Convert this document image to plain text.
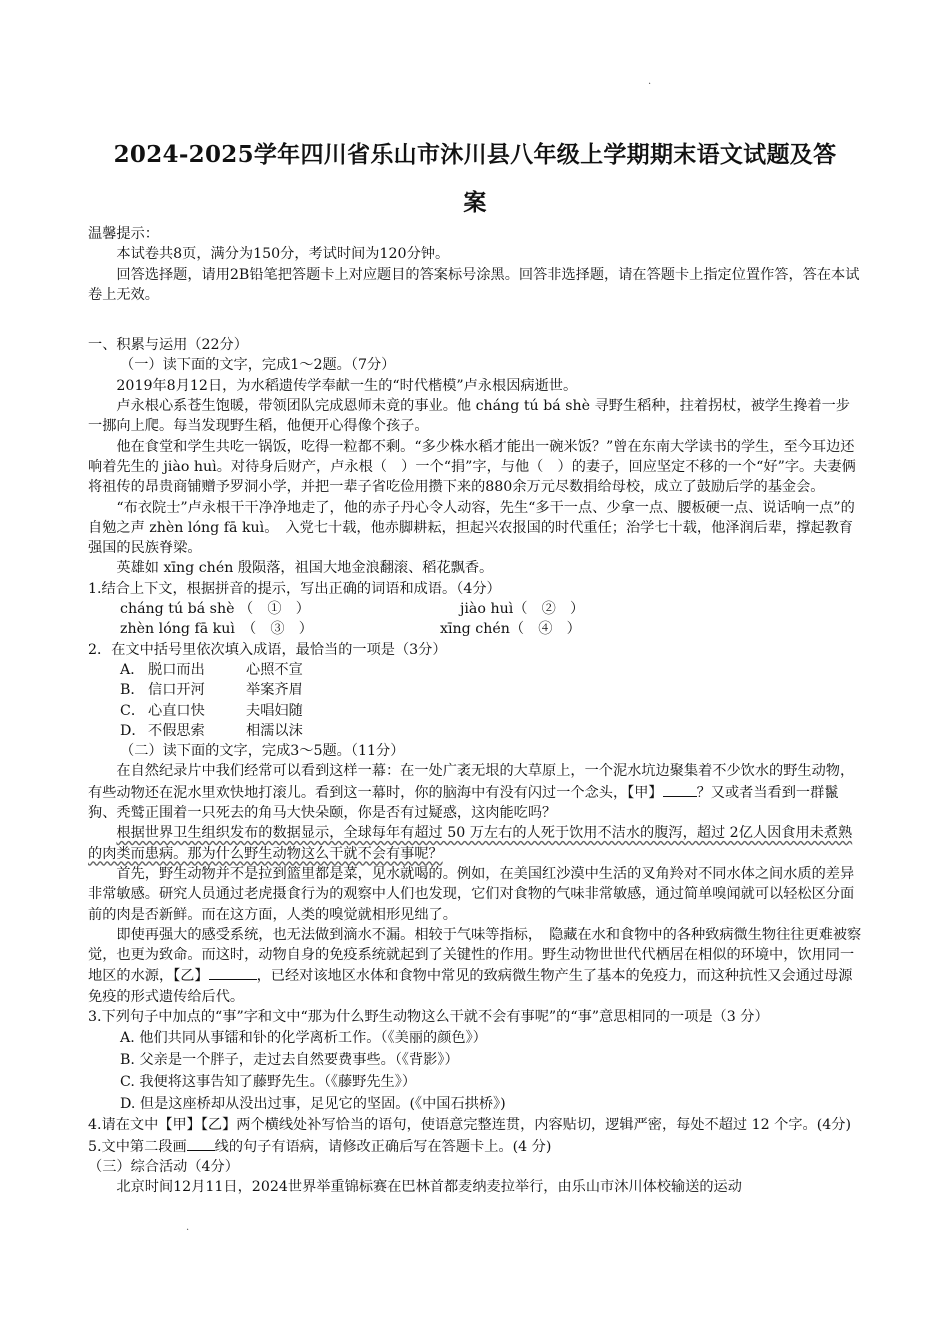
.
2024-2025学年四川省乐山市沐川县八年级上学期期末语文试题及答
案

温馨提示：

本试卷共8页，满分为150分，考试时间为120分钟。

回答选择题，请用2B铅笔把答题卡上对应题目的答案标号涂黑。回答非选择题，请在答题卡上指定位置作答，答在本试卷上无效。

一、积累与运用（22分）

（一）读下面的文字，完成1～2题。（7分）

2019年8月12日，为水稻遗传学奉献一生的“时代楷模”卢永根因病逝世。

卢永根心系苍生饱暖，带领团队完成恩师未竟的事业。他 cháng tú bá shè 寻野生稻种，拄着拐杖，被学生搀着一步一挪向上爬。每当发现野生稻，他便开心得像个孩子。

他在食堂和学生共吃一锅饭，吃得一粒都不剩。“多少株水稻才能出一碗米饭？”曾在东南大学读书的学生，至今耳边还响着先生的 jiào huì。对待身后财产，卢永根（　）一个“捐”字，与他（　）的妻子，回应坚定不移的一个“好”字。夫妻俩将祖传的昂贵商铺赠予罗洞小学，并把一辈子省吃俭用攒下来的880余万元尽数捐给母校，成立了鼓励后学的基金会。

“布衣院士”卢永根干干净净地走了，他的赤子丹心令人动容，先生“多干一点、少拿一点、腰板硬一点、说话响一点”的自勉之声 zhèn lóng fā kuì。　入党七十载，他赤脚耕耘，担起兴农报国的时代重任；治学七十载，他泽润后辈，撑起教育强国的民族脊梁。

英雄如 xīng chén 殷陨落，祖国大地金浪翻滚、稻花飘香。

1.结合上下文，根据拼音的提示，写出正确的词语和成语。（4分）

cháng tú bá shè （　①　）	jiào huì（　②　）
zhèn lóng fā kuì　（　③　）	xīng chén（　④　）

2．在文中括号里依次填入成语，最恰当的一项是（3分）

A． 脱口而出	心照不宣
B． 信口开河	举案齐眉
C． 心直口快	夫唱妇随
D． 不假思索	相濡以沫

（二）读下面的文字，完成3～5题。（11分）

在自然纪录片中我们经常可以看到这样一幕：在一处广袤无垠的大草原上，一个泥水坑边聚集着不少饮水的野生动物，有些动物还在泥水里欢快地打滚儿。看到这一幕时，你的脑海中有没有闪过一个念头，【甲】 ？又或者当看到一群鬣狗、秃鹫正围着一只死去的角马大快朵颐，你是否有过疑惑，这肉能吃吗？

根据世界卫生组织发布的数据显示，全球每年有超过 50 万左右的人死于饮用不洁水的腹泻，超过 2亿人因食用未煮熟的肉类而患病。那为什么野生动物这么干就不会有事呢？

首先，野生动物并不是拉到篮里都是菜，见水就喝的。例如，在美国红沙漠中生活的叉角羚对不同水体之间水质的差异非常敏感。研究人员通过老虎摄食行为的观察中人们也发现，它们对食物的气味非常敏感，通过简单嗅闻就可以轻松区分面前的肉是否新鲜。而在这方面，人类的嗅觉就相形见绌了。

即使再强大的感受系统，也无法做到滴水不漏。相较于气味等指标，　隐藏在水和食物中的各种致病微生物往往更难被察觉，也更为致命。而这时，动物自身的免疫系统就起到了关键性的作用。野生动物世世代代栖居在相似的环境中，饮用同一地区的水源，【乙】	，已经对该地区水体和食物中常见的致病微生物产生了基本的免疫力，而这种抗性又会通过母源免疫的形式遗传给后代。

3.下列句子中加点的“事”字和文中“那为什么野生动物这么干就不会有事呢”的“事”意思相同的一项是（3 分）

A. 他们共同从事镭和钋的化学离析工作。（《美丽的颜色》）

B. 父亲是一个胖子，走过去自然要费事些。（《背影》）

C. 我便将这事告知了藤野先生。（《藤野先生》）

D. 但是这座桥却从没出过事，足见它的坚固。(《中国石拱桥》)

4.请在文中【甲】【乙】两个横线处补写恰当的语句，使语意完整连贯，内容贴切，逻辑严密，每处不超过 12 个字。(4分)

5.文中第二段画 线的句子有语病，请修改正确后写在答题卡上。(4 分)

（三）综合活动（4分）

北京时间12月11日，2024世界举重锦标赛在巴林首都麦纳麦拉举行，由乐山市沐川体校输送的运动

.
